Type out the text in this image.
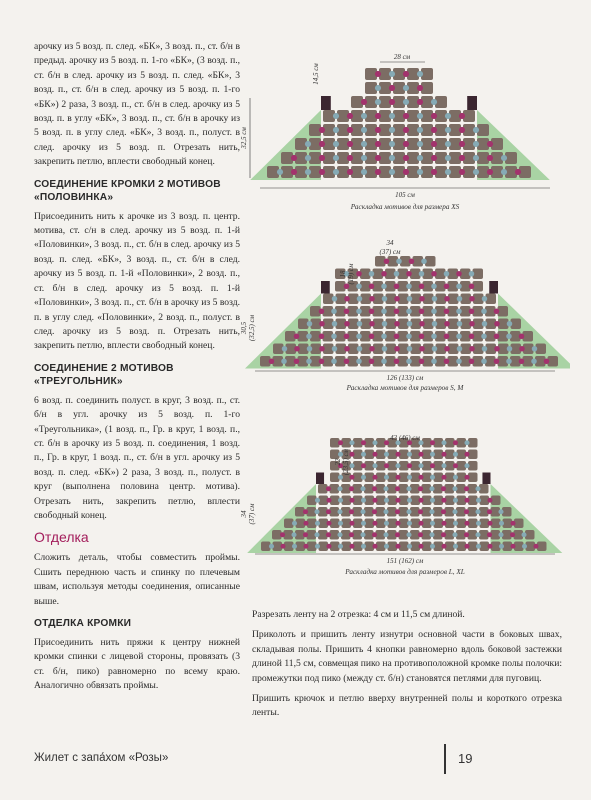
арочку из 5 возд. п. след. «БК», 3 возд. п., ст. б/н в предыд. арочку из 5 возд. п. 1-го «БК», (3 возд. п., ст. б/н в след. арочку из 5 возд. п. след. «БК», 3 возд. п., ст. б/н в след. арочку из 5 возд. п. 1-го «БК») 2 раза, 3 возд. п., ст. б/н в след. арочку из 5 возд. п. в углу «БК», 3 возд. п., ст. б/н в арочку из 5 возд. п. в углу след. «БК», 3 возд. п., полуст. в след. арочку из 5 возд. п. Отрезать нить, закрепить петлю, вплести свободный конец.

СОЕДИНЕНИЕ КРОМКИ 2 МОТИВОВ «ПОЛОВИНКА»

Присоединить нить к арочке из 3 возд. п. центр. мотива, ст. с/н в след. арочку из 5 возд. п. 1-й «Половинки», 3 возд. п., ст. б/н в след. арочку из 5 возд. п. след. «БК», 3 возд. п., ст. б/н в след. арочку из 5 возд. п. 1-й «Половинки», 2 возд. п., ст. б/н в след. арочку из 5 возд. п. 1-й «Половинки», 3 возд. п., ст. б/н в арочку из 5 возд. п. в углу след. «Половинки», 2 возд. п., полуст. в след. арочку из 5 возд. п. Отрезать нить, закрепить петлю, вплести свободный конец.

СОЕДИНЕНИЕ 2 МОТИВОВ «ТРЕУГОЛЬНИК»

6 возд. п. соединить полуст. в круг, 3 возд. п., ст. б/н в угл. арочку из 5 возд. п. 1-го «Треугольника», (1 возд. п., Гр. в круг, 1 возд. п., ст. б/н в арочку из 5 возд. п. соединения, 1 возд. п., Гр. в круг, 1 возд. п., ст. б/н в угл. арочку из 5 возд. п. след. «БК») 2 раза, 3 возд. п., полуст. в круг (выполнена половина центр. мотива). Отрезать нить, закрепить петлю, вплести свободный конец.

Отделка

Сложить деталь, чтобы совместить проймы. Сшить переднюю часть и спинку по плечевым швам, используя методы соединения, описанные выше.

ОТДЕЛКА КРОМКИ

Присоединить нить пряжи к центру нижней кромки спинки с лицевой стороны, провязать (3 ст. б/н, пико) равномерно по всему краю. Аналогично обвязать проймы.

105 см
32,5 см
28 см
14,5 см
Раскладка мотивов для размера XS
126 (133) см
30,5 (32,5) см
34
(37) см
18 (19) см
Раскладка мотивов для размеров S, M
151 (162) см
34 (37) см
43 (46) см
22 (23,5) см
Раскладка мотивов для размеров L, XL

Разрезать ленту на 2 отрезка: 4 см и 11,5 см длиной.

Приколоть и пришить ленту изнутри основной части в боковых швах, складывая полы. Пришить 4 кнопки равномерно вдоль боковой застежки длиной 11,5 см, совмещая пико на противоположной кромке полы полочки: промежутки под пико (между ст. б/н) становятся петлями для пуговиц.

Пришить крючок и петлю вверху внутренней полы и короткого отрезка ленты.

Жилет с запа́хом «Розы»	19
